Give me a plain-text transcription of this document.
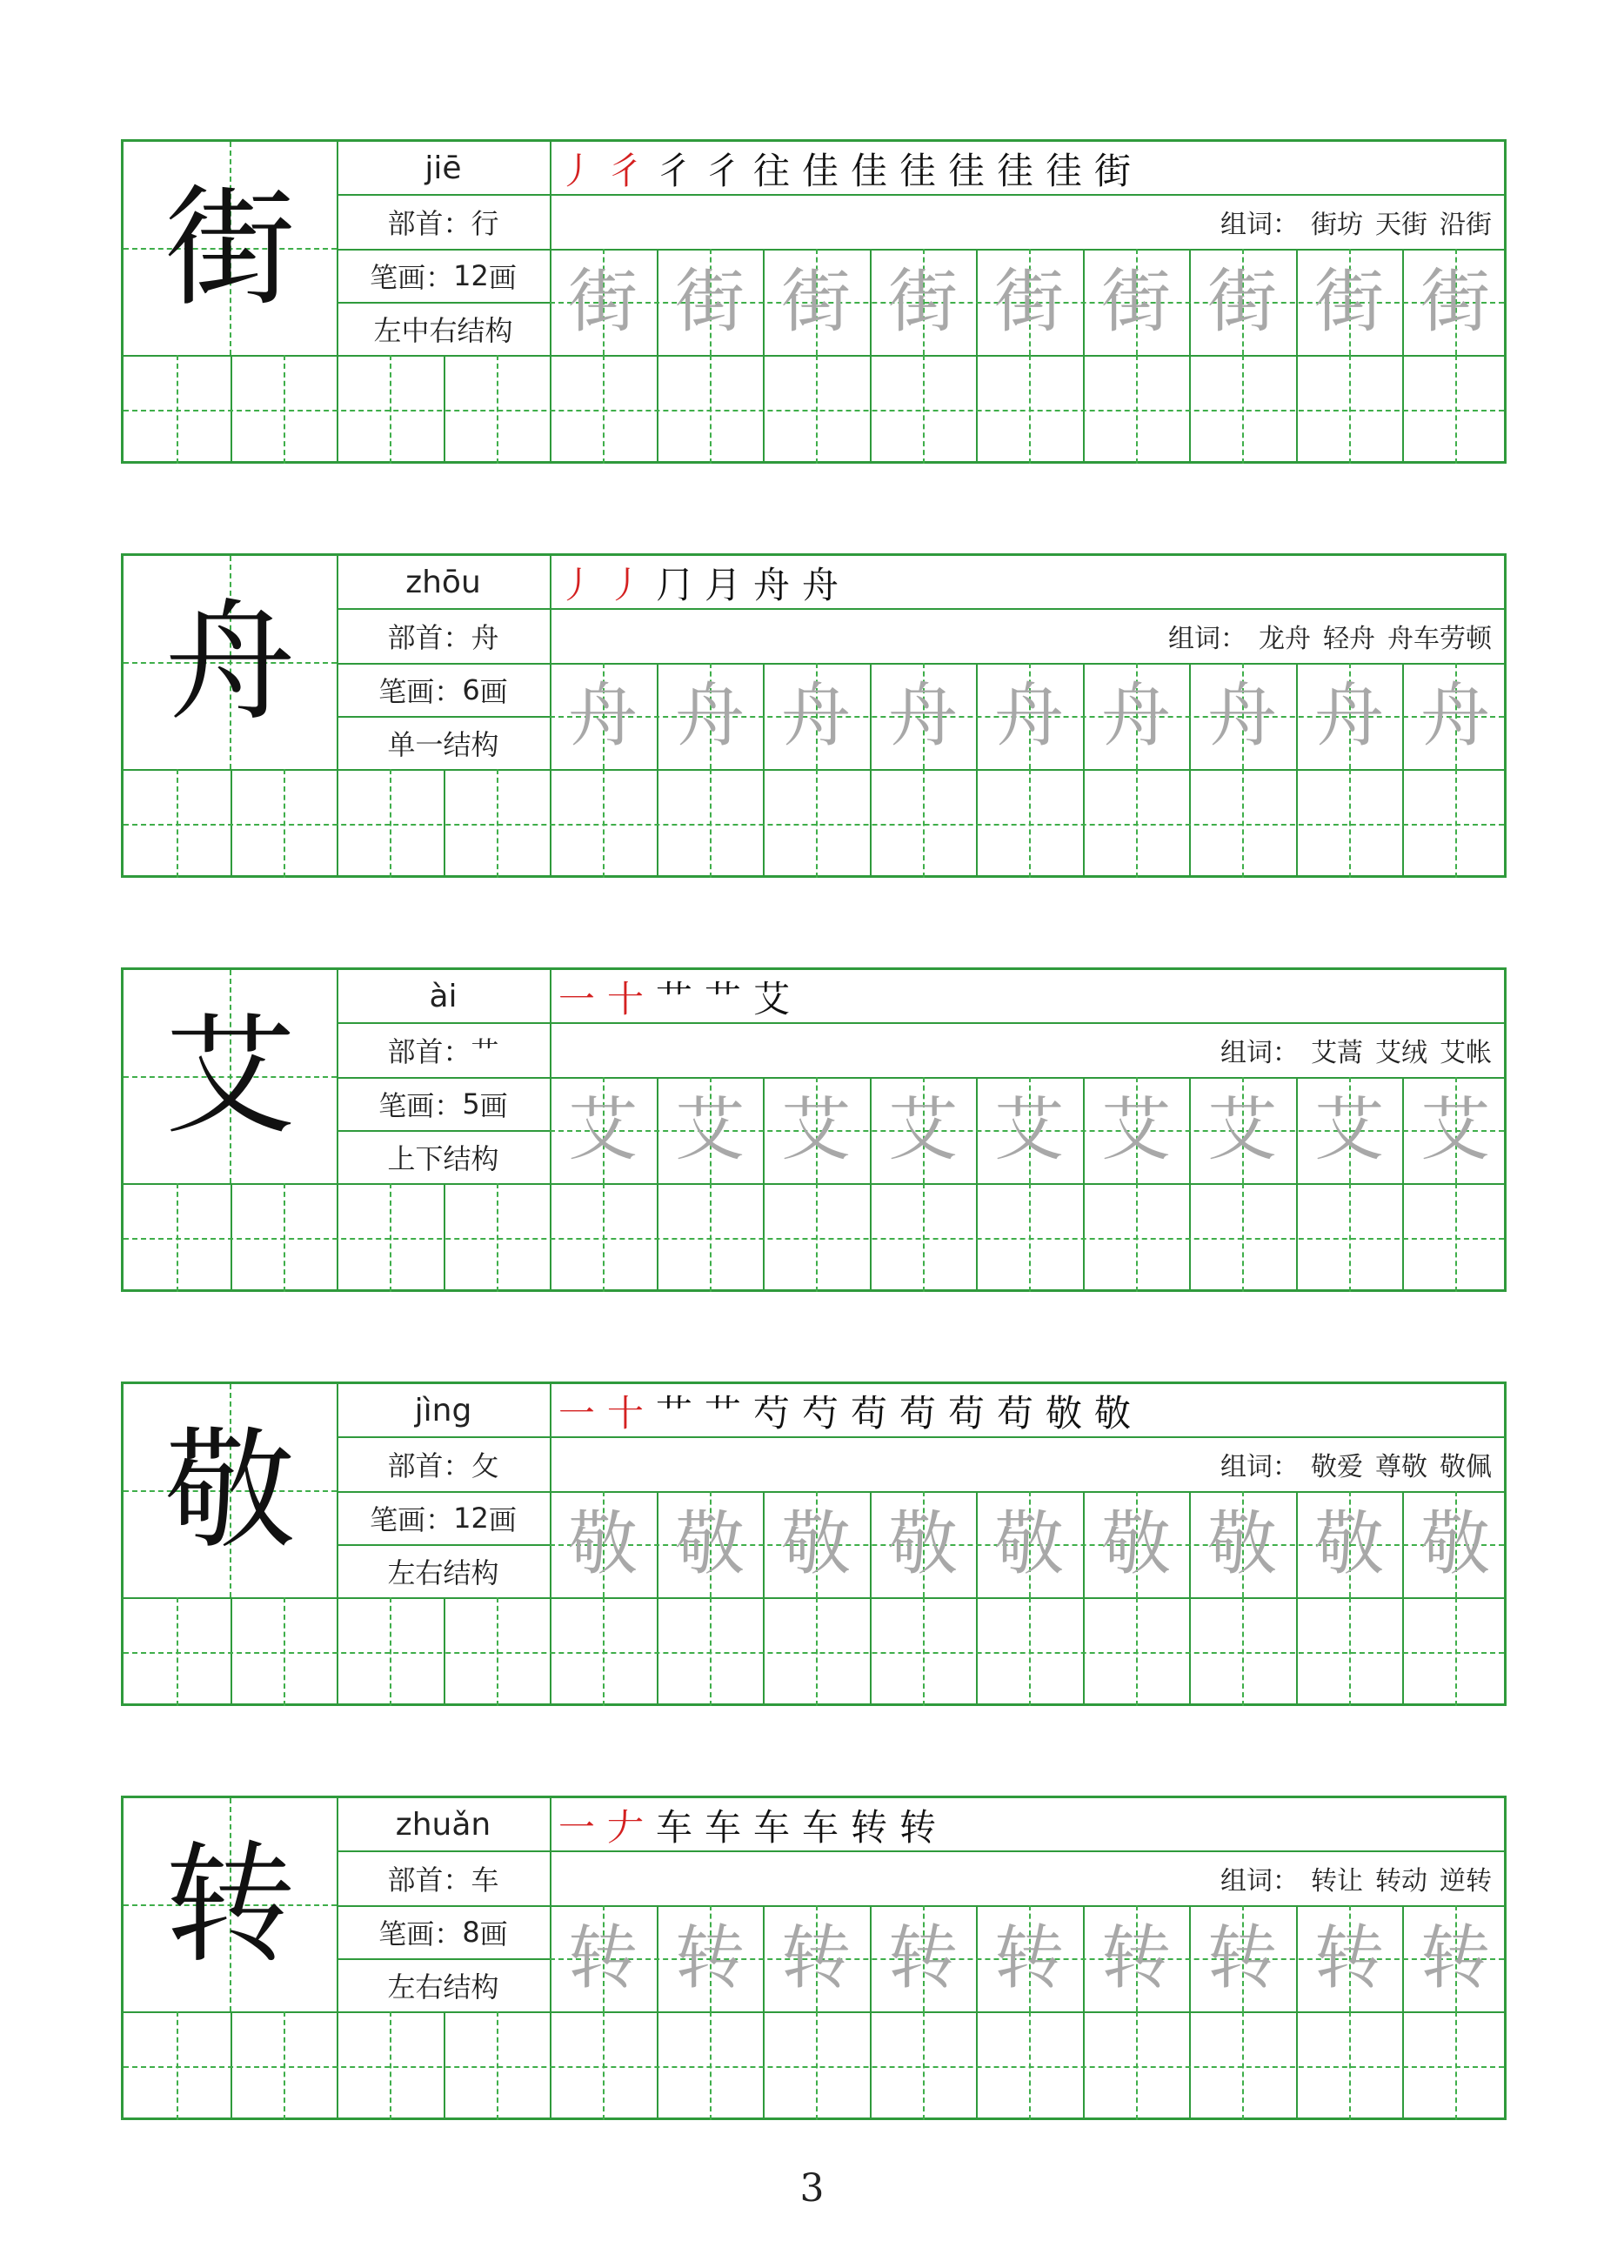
街
jiē
部首： 行
笔画： 12 画
左中右结构
丿 彳 彳 彳 往 佳 佳 徍 徍 徍 徍 街
组词： 街坊 天街 沿街
街 街 街 街 街 街 街 街 街
舟
zhōu
部首： 舟
笔画： 6 画
单一结构
丿 丿 ⺆ 月 舟 舟
组词： 龙舟 轻舟 舟车劳顿
舟 舟 舟 舟 舟 舟 舟 舟 舟
艾
ài
部首： 艹
笔画： 5 画
上下结构
一 十 艹 艹 艾
组词： 艾蒿 艾绒 艾帐
艾 艾 艾 艾 艾 艾 艾 艾 艾
敬
jìng
部首： 攵
笔画： 12 画
左右结构
一 十 艹 艹 芍 芍 苟 苟 苟 苟 敬 敬
组词： 敬爱 尊敬 敬佩
敬 敬 敬 敬 敬 敬 敬 敬 敬
转
zhuǎn
部首： 车
笔画： 8 画
左右结构
一 𠂇 车 车 车 车 转 转
组词： 转让 转动 逆转
转 转 转 转 转 转 转 转 转
3
